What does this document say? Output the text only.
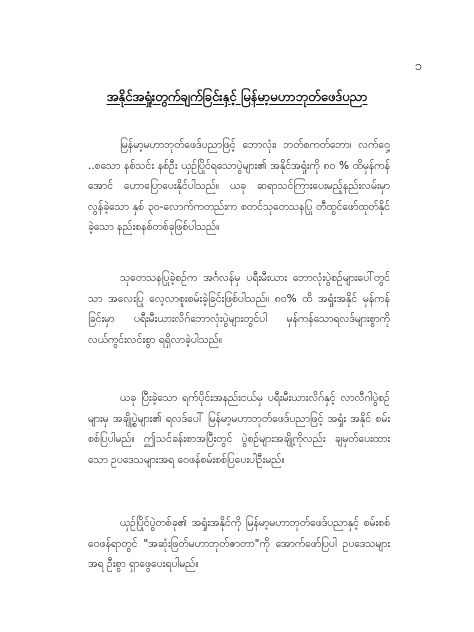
၁
အနိုင်အရှုံးတွက်ချက်ခြင်းနှင့် မြန်မာ့မဟာဘုတ်ဖေဒ်ပညာ

မြန်မာ့မဟာဘုတ်ဖေဒ်ပညာဖြင့် ဘောလုံး၊ ဘတ်စကတ်ဘော၊ လက်ဝှေ့ ..စသော နစ်သင်း နစ်ဦး ယှဉ်ပြိုင်ရသောပွဲများ၏ အနိုင်အရှုံးကို ၈၀ % ထိမှန်ကန်အောင် ဟောပြောပေးနိုင်ပါသည်။ ယခု ဆရာသင်ကြားပေးမည့်နည်းလမ်းမှာ လွန်ခဲ့သော နှစ် ၃၀-လောက်ကတည်းက စတင်သုတေသနပြု တီထွင်ဖော်ထုတ်နိုင်ခဲ့သော နည်းစနစ်တစ်ခုဖြစ်ပါသည်။

သုတေသနပြုခဲ့စဥ်က အင်္ဂလန်မှ ပရီးမီးယား ဘောလုံးပွဲစဥ်များပေါ်တွင်သာ အလေးပြု လေ့လာစူးစမ်းခဲ့ခြင်းဖြစ်ပါသည်။ ၈၀% ထိ အရှုံးအနိုင် မှန်ကန်ခြင်းမှာ ပရီးမီးယားလိဂ်ဘောလုံးပွဲများတွင်ပါ မှန်ကန်သောရလဒ်များစွာကို လယ်ကွင်းလင်းစွာ ရရှိလာခဲ့ပါသည်။

ယခု ပြီးခဲ့သော ရက်ပိုင်းအနည်းငယ်မှ ပရီးမီးယားလိဂ်နှင့် လာလီဂါပွဲစဥ်များမှ အချို့ပွဲများ၏ ရလဒ်ပေါ် မြန်မာ့မဟာဘုတ်ဖေဒ်ပညာဖြင့် အရှုံး အနိုင် စမ်းစစ်ပြပါမည်။ ဤသင်ခန်းစာအပြီးတွင် ပွဲစဥ်များအချို့ကိုလည်း ချမှတ်ပေးထားသော ဥပဒေသများအရ ဝေဖန်စမ်းစစ်ပြပေးပါဦးမည်။

ယှဉ်ပြိုင်ပွဲတစ်ခု၏ အရှုံးအနိုင်ကို မြန်မာ့မဟာဘုတ်ဖေဒ်ပညာနှင့် စမ်းစစ်ဝေဖန်ရာတွင် "အဆုံးဖြတ်မဟာဘုတ်ဇာတာ"ကို အောက်ဖော်ပြပါ ဥပဒေသများအရ ဦးစွာ ရှာဖွေပေးရပါမည်။
